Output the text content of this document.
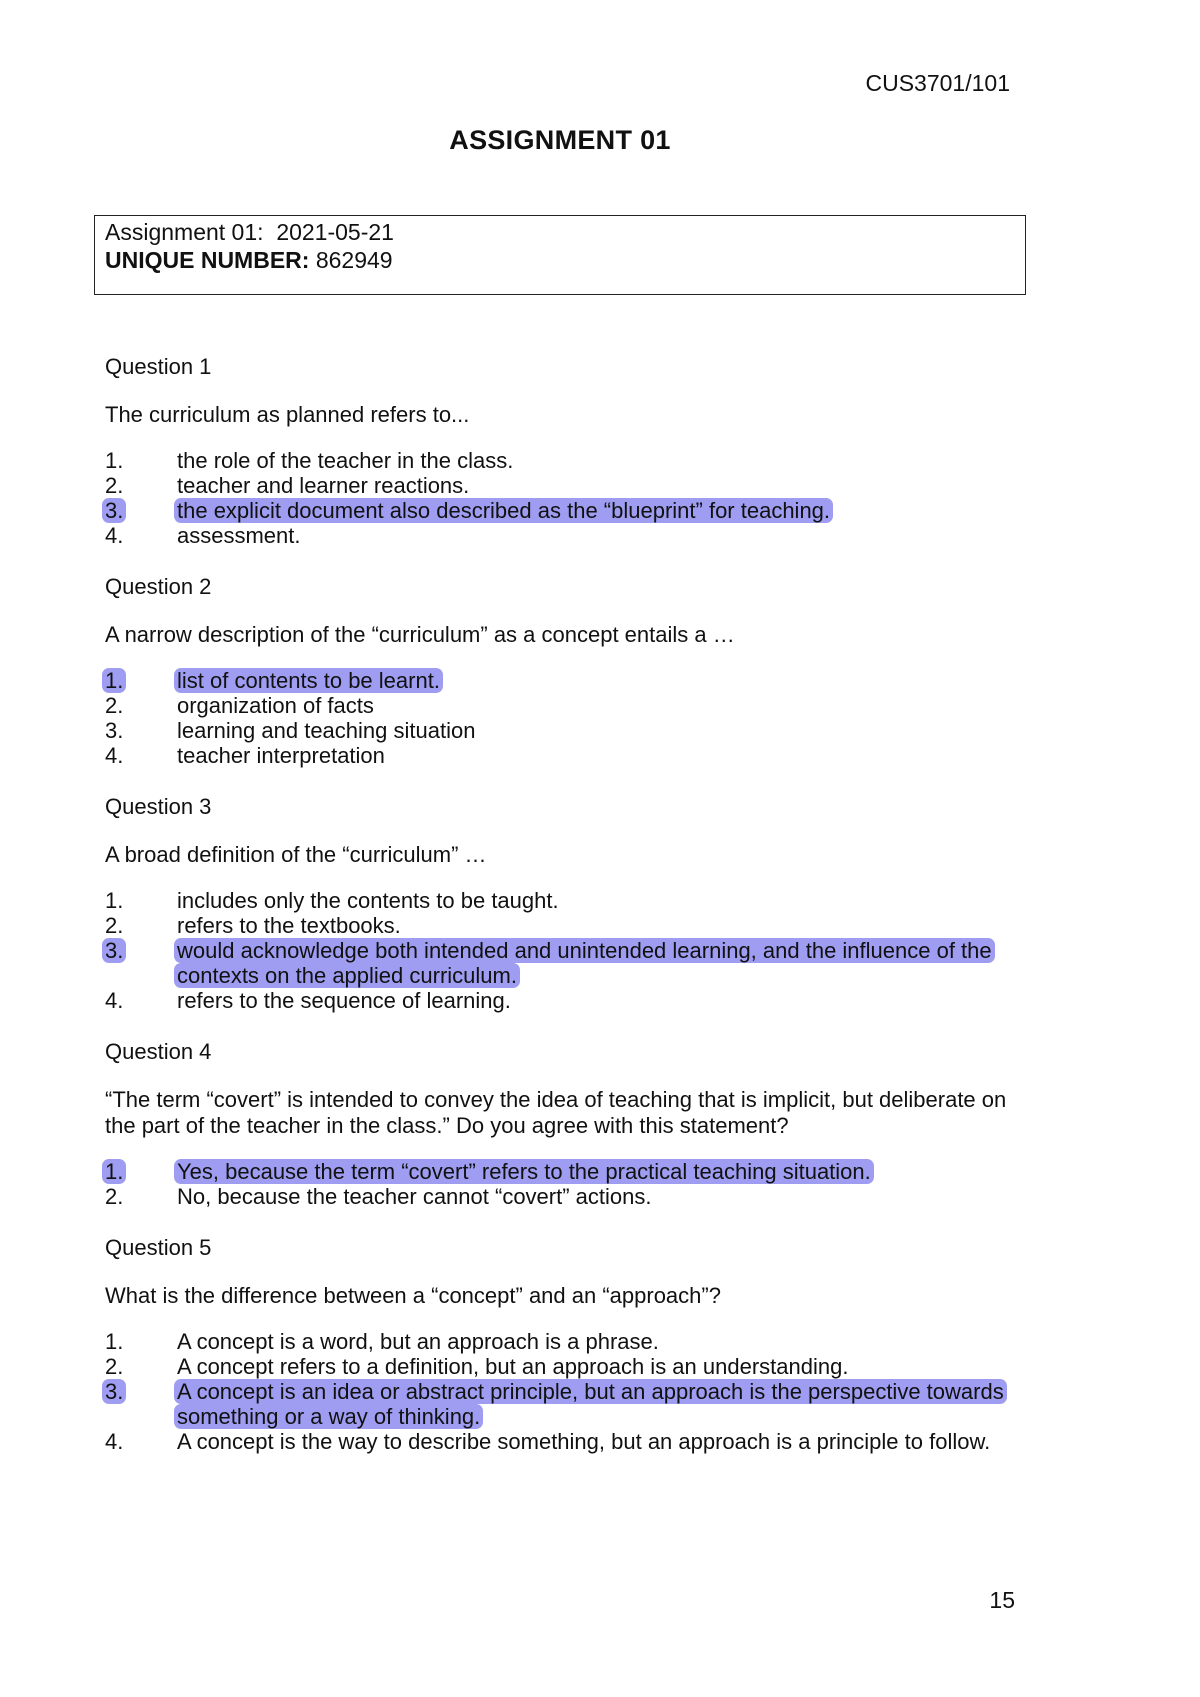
CUS3701/101
ASSIGNMENT 01
Assignment 01: 2021-05-21
UNIQUE NUMBER: 862949

Question 1

The curriculum as planned refers to...

1.	the role of the teacher in the class.
2.	teacher and learner reactions.
3.	the explicit document also described as the “blueprint” for teaching.
4.	assessment.

Question 2

A narrow description of the “curriculum” as a concept entails a …

1.	list of contents to be learnt.
2.	organization of facts
3.	learning and teaching situation
4.	teacher interpretation

Question 3

A broad definition of the “curriculum” …

1.	includes only the contents to be taught.
2.	refers to the textbooks.
3.	would acknowledge both intended and unintended learning, and the influence of the contexts on the applied curriculum.
4.	refers to the sequence of learning.

Question 4

“The term “covert” is intended to convey the idea of teaching that is implicit, but deliberate on the part of the teacher in the class.” Do you agree with this statement?

1.	Yes, because the term “covert” refers to the practical teaching situation.
2.	No, because the teacher cannot “covert” actions.

Question 5

What is the difference between a “concept” and an “approach”?

1.	A concept is a word, but an approach is a phrase.
2.	A concept refers to a definition, but an approach is an understanding.
3.	A concept is an idea or abstract principle, but an approach is the perspective towards something or a way of thinking.
4.	A concept is the way to describe something, but an approach is a principle to follow.
15
